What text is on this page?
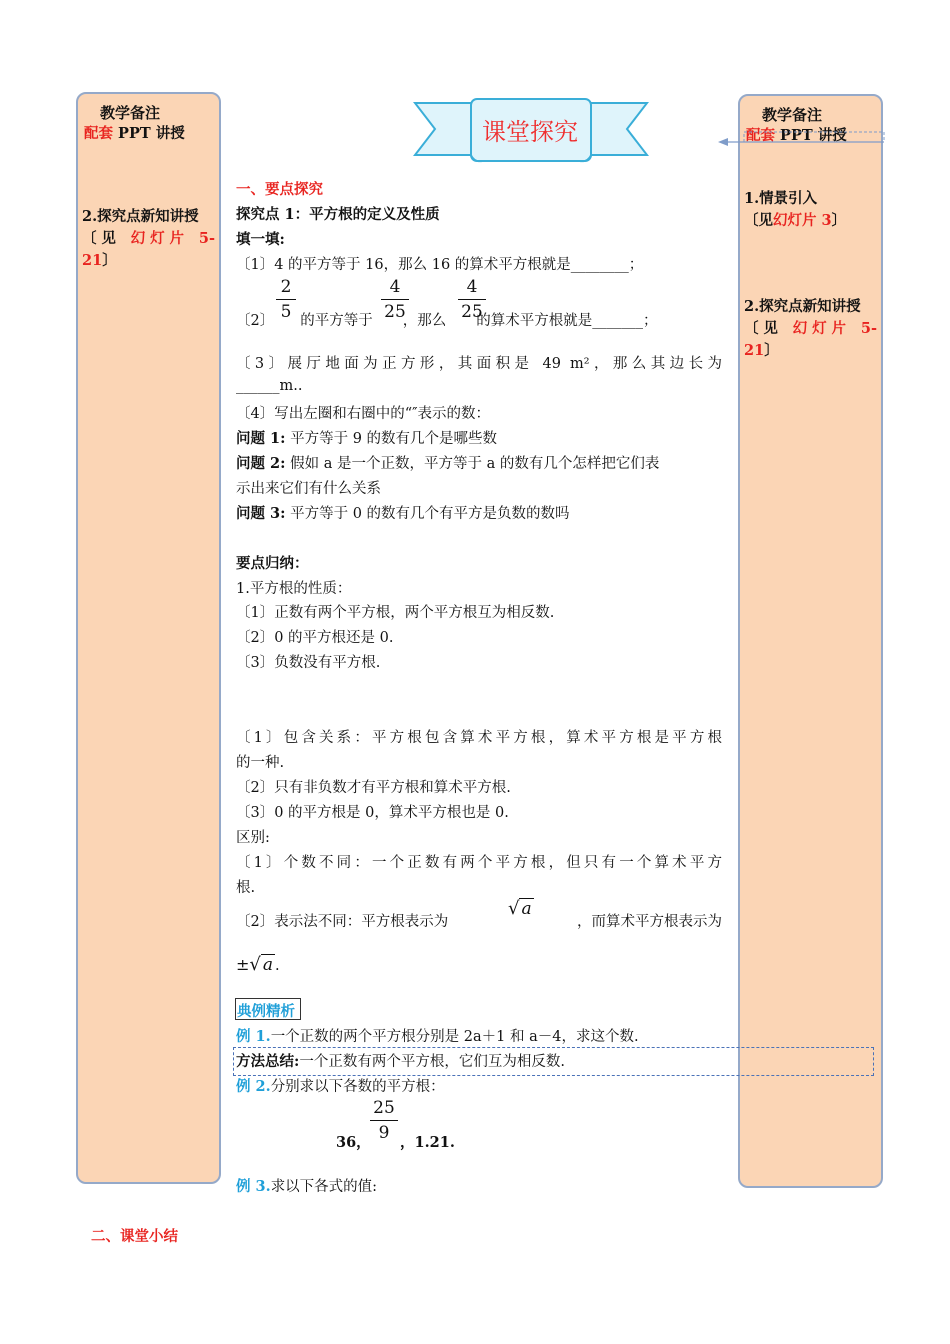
教学备注
配套 PPT 讲授
2.探究点新知讲授
〔见 幻灯片 5-
21〕
教学备注
配套 PPT 讲授
1.情景引入
〔见幻灯片 3〕
2.探究点新知讲授
〔见 幻灯片 5-
21〕
课堂探究
一、要点探究
探究点 1：平方根的定义及性质
填一填:
〔1〕4 的平方等于 16，那么 16 的算术平方根就是________；
〔2〕 的平方等于 ，那么 的算术平方根就是_______；
$\frac{2}{5}$	$\frac{4}{25}$	$\frac{4}{25}$
〔3〕展厅地面为正方形，其面积是 49 m²，那么其边长为
______m..
〔4〕写出左圈和右圈中的“″表示的数：
问题 1: 平方等于 9 的数有几个是哪些数
问题 2: 假如 a 是一个正数，平方等于 a 的数有几个怎样把它们表
示出来它们有什么关系
问题 3: 平方等于 0 的数有几个有平方是负数的数吗
要点归纳：
1.平方根的性质：
〔1〕正数有两个平方根，两个平方根互为相反数.
〔2〕0 的平方根还是 0.
〔3〕负数没有平方根.
〔1〕包含关系：平方根包含算术平方根，算术平方根是平方根
的一种.
〔2〕只有非负数才有平方根和算术平方根.
〔3〕0 的平方根是 0，算术平方根也是 0.
区别:
〔1〕个数不同：一个正数有两个平方根，但只有一个算术平方
根.
〔2〕表示法不同：平方根表示为	，而算术平方根表示为
√ a
±√ a .
典例精析
例 1.一个正数的两个平方根分别是 2a＋1 和 a－4，求这个数.
方法总结:一个正数有两个平方根，它们互为相反数.
例 2.分别求以下各数的平方根：
36， $\frac{25}{9}$ ，1.21.
例 3.求以下各式的值:
二、课堂小结
